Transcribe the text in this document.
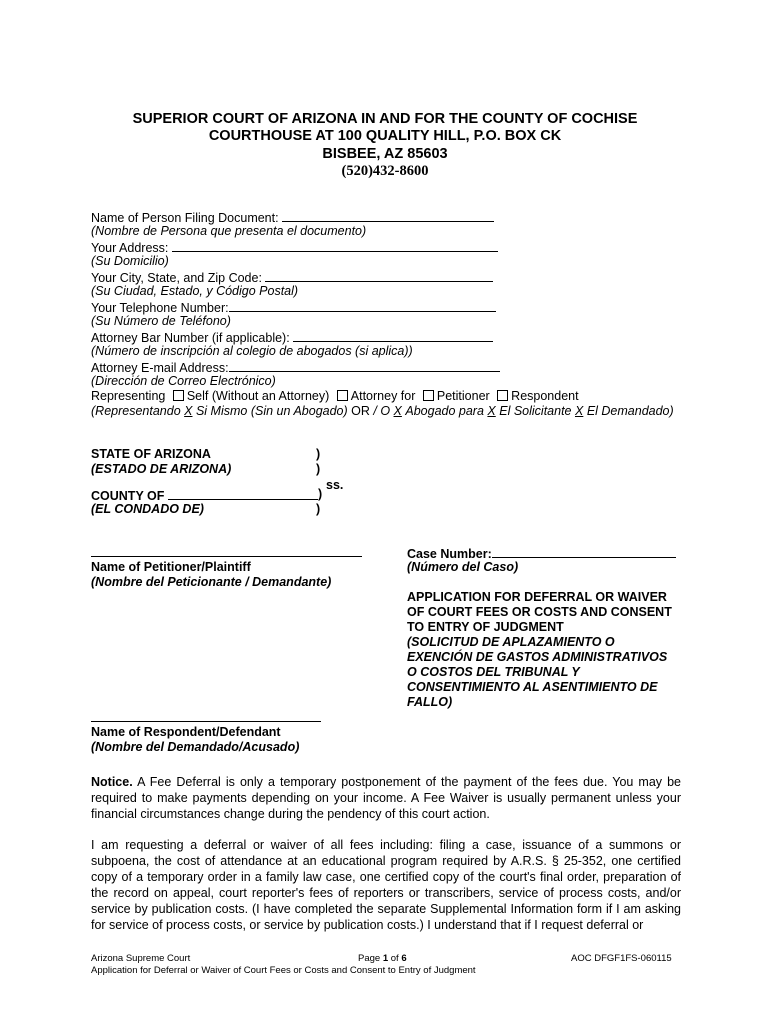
SUPERIOR COURT OF ARIZONA IN AND FOR THE COUNTY OF COCHISE
COURTHOUSE AT 100 QUALITY HILL, P.O. BOX CK
BISBEE, AZ 85603
(520)432-8600
Name of Person Filing Document:
(Nombre de Persona que presenta el documento)
Your Address:
(Su Domicilio)
Your City, State, and Zip Code:
(Su Ciudad, Estado, y Código Postal)
Your Telephone Number:
(Su Número de Teléfono)
Attorney Bar Number (if applicable):
(Número de inscripción al colegio de abogados (si aplica))
Attorney E-mail Address:
(Dirección de Correo Electrónico)
Representing Self (Without an Attorney) Attorney for Petitioner Respondent
(Representando X Si Mismo (Sin un Abogado) OR / O X Abogado para X El Solicitante X El Demandado)
STATE OF ARIZONA
(ESTADO DE ARIZONA)
COUNTY OF
(EL CONDADO DE)
)
)
)
)
ss.
Name of Petitioner/Plaintiff
(Nombre del Peticionante / Demandante)
Name of Respondent/Defendant
(Nombre del Demandado/Acusado)
Case Number:
(Número del Caso)
APPLICATION FOR DEFERRAL OR WAIVER
OF COURT FEES OR COSTS AND CONSENT
TO ENTRY OF JUDGMENT
(SOLICITUD DE APLAZAMIENTO O
EXENCIÓN DE GASTOS ADMINISTRATIVOS
O COSTOS DEL TRIBUNAL Y
CONSENTIMIENTO AL ASENTIMIENTO DE
FALLO)
Notice. A Fee Deferral is only a temporary postponement of the payment of the fees due. You may be required to make payments depending on your income. A Fee Waiver is usually permanent unless your financial circumstances change during the pendency of this court action.
I am requesting a deferral or waiver of all fees including: filing a case, issuance of a summons or subpoena, the cost of attendance at an educational program required by A.R.S. § 25-352, one certified copy of a temporary order in a family law case, one certified copy of the court's final order, preparation of the record on appeal, court reporter's fees of reporters or transcribers, service of process costs, and/or service by publication costs. (I have completed the separate Supplemental Information form if I am asking for service of process costs, or service by publication costs.) I understand that if I request deferral or
Arizona Supreme Court	Page 1 of 6	AOC DFGF1FS-060115
Application for Deferral or Waiver of Court Fees or Costs and Consent to Entry of Judgment
